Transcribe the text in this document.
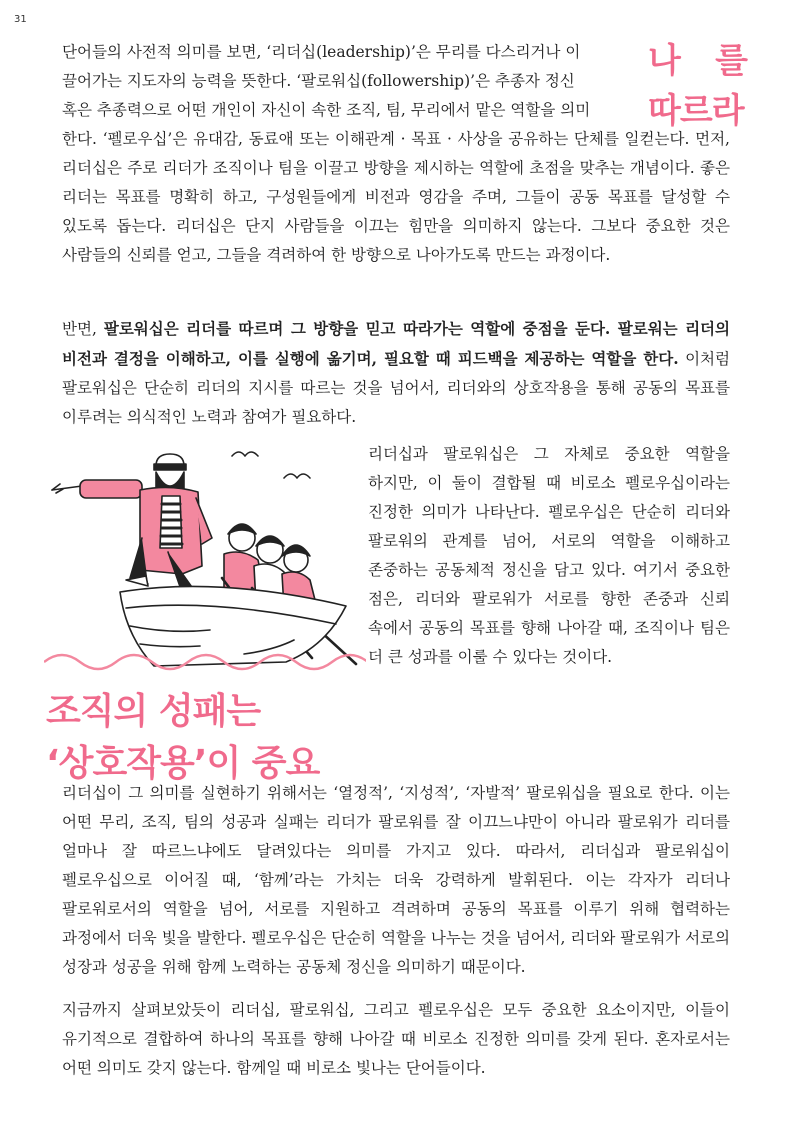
31
나 를
따르라

단어들의 사전적 의미를 보면, ‘리더십(leadership)’은 무리를 다스리거나 이
끌어가는 지도자의 능력을 뜻한다. ‘팔로워십(followership)’은 추종자 정신
혹은 추종력으로 어떤 개인이 자신이 속한 조직, 팀, 무리에서 맡은 역할을 의미

한다. ‘펠로우십’은 유대감, 동료애 또는 이해관계 · 목표 · 사상을 공유하는 단체를 일컫는다. 먼저, 리더십은 주로 리더가 조직이나 팀을 이끌고 방향을 제시하는 역할에 초점을 맞추는 개념이다. 좋은 리더는 목표를 명확히 하고, 구성원들에게 비전과 영감을 주며, 그들이 공동 목표를 달성할 수 있도록 돕는다. 리더십은 단지 사람들을 이끄는 힘만을 의미하지 않는다. 그보다 중요한 것은 사람들의 신뢰를 얻고, 그들을 격려하여 한 방향으로 나아가도록 만드는 과정이다.

반면, 팔로워십은 리더를 따르며 그 방향을 믿고 따라가는 역할에 중점을 둔다. 팔로워는 리더의 비전과 결정을 이해하고, 이를 실행에 옮기며, 필요할 때 피드백을 제공하는 역할을 한다. 이처럼 팔로워십은 단순히 리더의 지시를 따르는 것을 넘어서, 리더와의 상호작용을 통해 공동의 목표를 이루려는 의식적인 노력과 참여가 필요하다.

리더십과 팔로워십은 그 자체로 중요한 역할을 하지만, 이 둘이 결합될 때 비로소 펠로우십이라는 진정한 의미가 나타난다. 펠로우십은 단순히 리더와 팔로워의 관계를 넘어, 서로의 역할을 이해하고 존중하는 공동체적 정신을 담고 있다. 여기서 중요한 점은, 리더와 팔로워가 서로를 향한 존중과 신뢰 속에서 공동의 목표를 향해 나아갈 때, 조직이나 팀은 더 큰 성과를 이룰 수 있다는 것이다.

조직의 성패는
‘상호작용’이 중요

리더십이 그 의미를 실현하기 위해서는 ‘열정적’, ‘지성적’, ‘자발적’ 팔로워십을 필요로 한다. 이는 어떤 무리, 조직, 팀의 성공과 실패는 리더가 팔로워를 잘 이끄느냐만이 아니라 팔로워가 리더를 얼마나 잘 따르느냐에도 달려있다는 의미를 가지고 있다. 따라서, 리더십과 팔로워십이 펠로우십으로 이어질 때, ‘함께’라는 가치는 더욱 강력하게 발휘된다. 이는 각자가 리더나 팔로워로서의 역할을 넘어, 서로를 지원하고 격려하며 공동의 목표를 이루기 위해 협력하는 과정에서 더욱 빛을 발한다. 펠로우십은 단순히 역할을 나누는 것을 넘어서, 리더와 팔로워가 서로의 성장과 성공을 위해 함께 노력하는 공동체 정신을 의미하기 때문이다.

지금까지 살펴보았듯이 리더십, 팔로워십, 그리고 펠로우십은 모두 중요한 요소이지만, 이들이 유기적으로 결합하여 하나의 목표를 향해 나아갈 때 비로소 진정한 의미를 갖게 된다. 혼자로서는 어떤 의미도 갖지 않는다. 함께일 때 비로소 빛나는 단어들이다.
